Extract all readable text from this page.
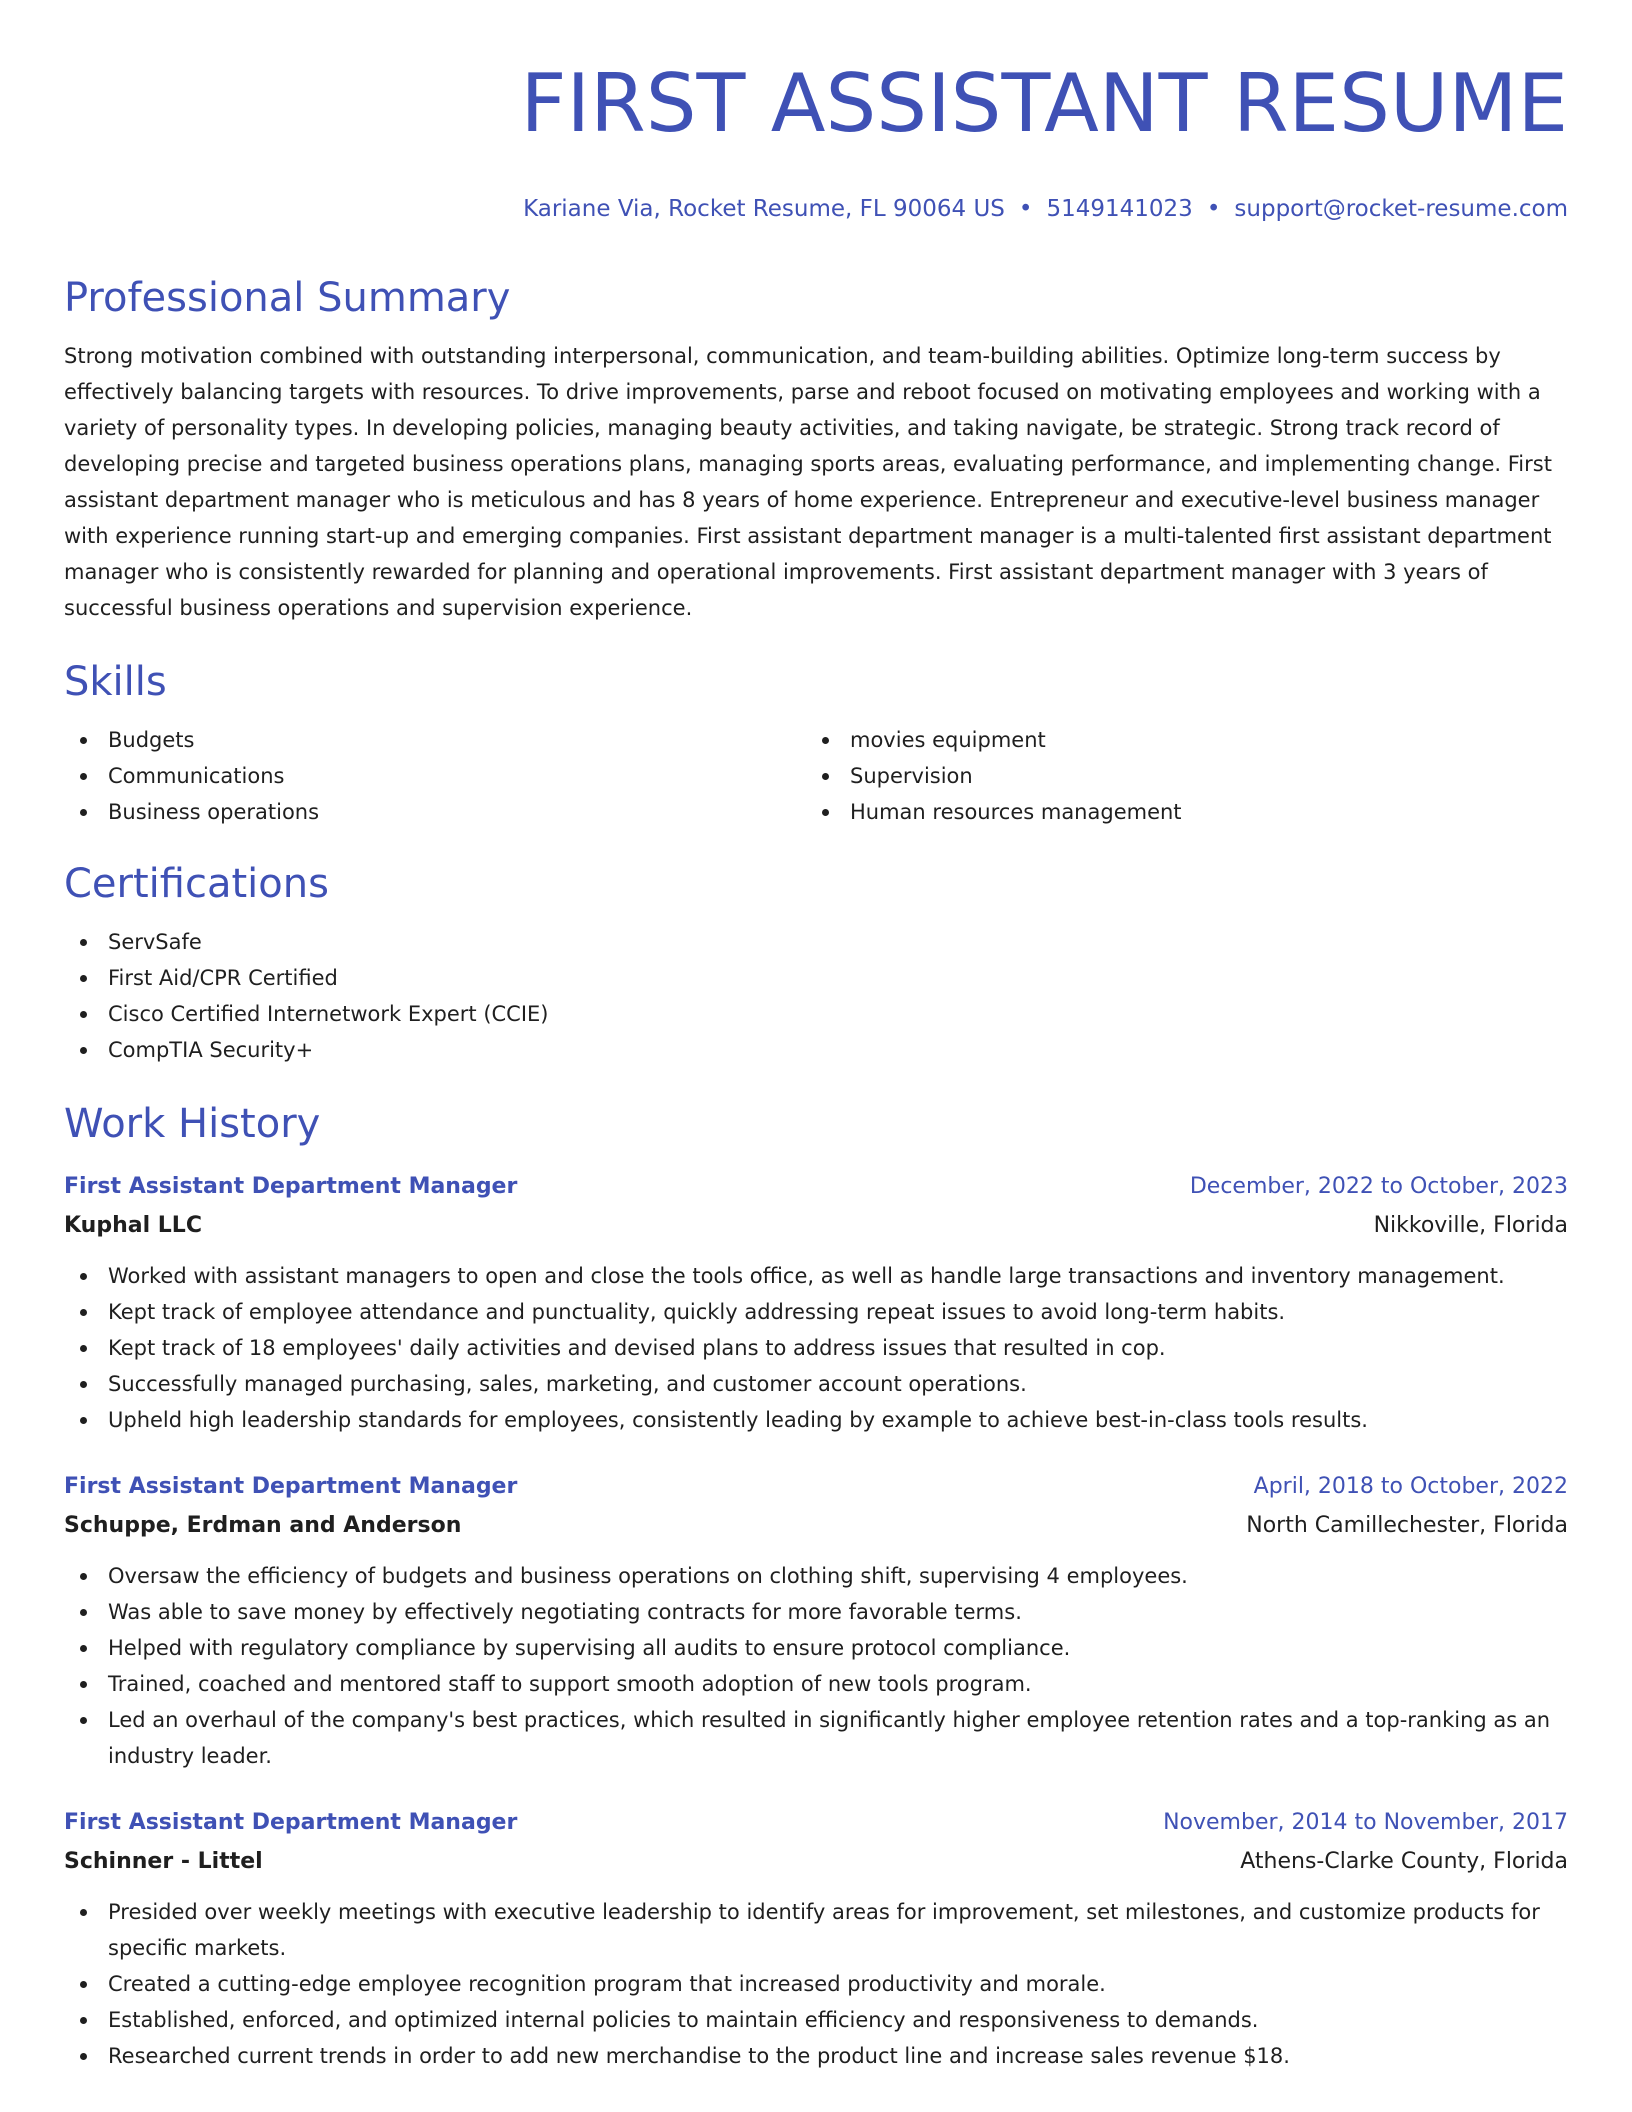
FIRST ASSISTANT RESUME
Kariane Via, Rocket Resume, FL 90064 US • 5149141023 • support@rocket-resume.com
Professional Summary
Strong motivation combined with outstanding interpersonal, communication, and team-building abilities. Optimize long-term success by effectively balancing targets with resources. To drive improvements, parse and reboot focused on motivating employees and working with a variety of personality types. In developing policies, managing beauty activities, and taking navigate, be strategic. Strong track record of developing precise and targeted business operations plans, managing sports areas, evaluating performance, and implementing change. First assistant department manager who is meticulous and has 8 years of home experience. Entrepreneur and executive-level business manager with experience running start-up and emerging companies. First assistant department manager is a multi-talented first assistant department manager who is consistently rewarded for planning and operational improvements. First assistant department manager with 3 years of successful business operations and supervision experience.
Skills
Budgets
Communications
Business operations
movies equipment
Supervision
Human resources management
Certifications
ServSafe
First Aid/CPR Certified
Cisco Certified Internetwork Expert (CCIE)
CompTIA Security+
Work History
First Assistant Department Manager	December, 2022 to October, 2023
Kuphal LLC	Nikkoville, Florida
Worked with assistant managers to open and close the tools office, as well as handle large transactions and inventory management.
Kept track of employee attendance and punctuality, quickly addressing repeat issues to avoid long-term habits.
Kept track of 18 employees' daily activities and devised plans to address issues that resulted in cop.
Successfully managed purchasing, sales, marketing, and customer account operations.
Upheld high leadership standards for employees, consistently leading by example to achieve best-in-class tools results.
First Assistant Department Manager	April, 2018 to October, 2022
Schuppe, Erdman and Anderson	North Camillechester, Florida
Oversaw the efficiency of budgets and business operations on clothing shift, supervising 4 employees.
Was able to save money by effectively negotiating contracts for more favorable terms.
Helped with regulatory compliance by supervising all audits to ensure protocol compliance.
Trained, coached and mentored staff to support smooth adoption of new tools program.
Led an overhaul of the company's best practices, which resulted in significantly higher employee retention rates and a top-ranking as an industry leader.
First Assistant Department Manager	November, 2014 to November, 2017
Schinner - Littel	Athens-Clarke County, Florida
Presided over weekly meetings with executive leadership to identify areas for improvement, set milestones, and customize products for specific markets.
Created a cutting-edge employee recognition program that increased productivity and morale.
Established, enforced, and optimized internal policies to maintain efficiency and responsiveness to demands.
Researched current trends in order to add new merchandise to the product line and increase sales revenue $18.
